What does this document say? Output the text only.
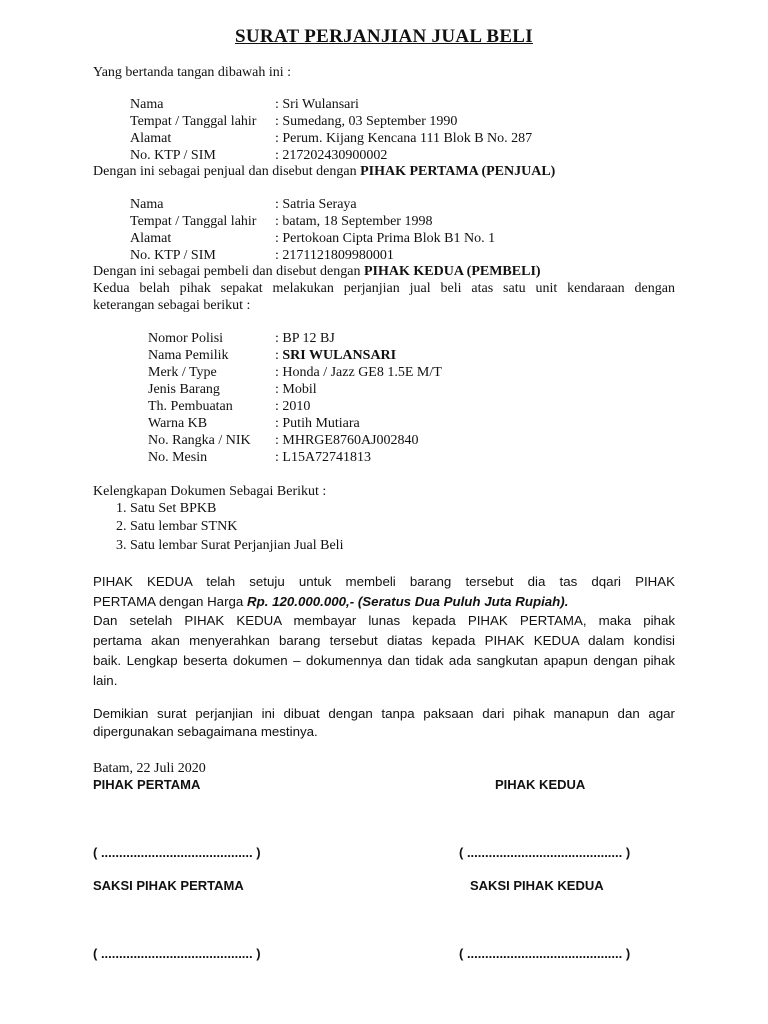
SURAT PERJANJIAN JUAL BELI
Yang bertanda tangan dibawah ini :
Nama	: Sri Wulansari
Tempat / Tanggal lahir : Sumedang, 03 September 1990
Alamat	: Perum. Kijang Kencana 111 Blok B No. 287
No. KTP / SIM	: 217202430900002
Dengan ini sebagai penjual dan disebut dengan PIHAK PERTAMA (PENJUAL)
Nama	: Satria Seraya
Tempat / Tanggal lahir : batam, 18 September 1998
Alamat	: Pertokoan Cipta Prima Blok B1 No. 1
No. KTP / SIM	: 2171121809980001
Dengan ini sebagai pembeli dan disebut dengan PIHAK KEDUA (PEMBELI)
Kedua belah pihak sepakat melakukan perjanjian jual beli atas satu unit kendaraan dengan
keterangan sebagai berikut :
Nomor Polisi	: BP 12 BJ
Nama Pemilik	: SRI WULANSARI
Merk / Type	: Honda / Jazz GE8 1.5E M/T
Jenis Barang	: Mobil
Th. Pembuatan	: 2010
Warna KB	: Putih Mutiara
No. Rangka / NIK : MHRGE8760AJ002840
No. Mesin	: L15A72741813
Kelengkapan Dokumen Sebagai Berikut :
1. Satu Set BPKB
2. Satu lembar STNK
3. Satu lembar Surat Perjanjian Jual Beli
PIHAK KEDUA telah setuju untuk membeli barang tersebut dia tas dqari PIHAK
PERTAMA dengan Harga Rp. 120.000.000,- (Seratus Dua Puluh Juta Rupiah).
Dan setelah PIHAK KEDUA membayar lunas kepada PIHAK PERTAMA, maka pihak
pertama akan menyerahkan barang tersebut diatas kepada PIHAK KEDUA dalam kondisi
baik. Lengkap beserta dokumen – dokumennya dan tidak ada sangkutan apapun dengan pihak
lain.
Demikian surat perjanjian ini dibuat dengan tanpa paksaan dari pihak manapun dan agar
dipergunakan sebagaimana mestinya.
Batam, 22 Juli 2020
PIHAK PERTAMA	PIHAK KEDUA
( .......................................... )	( ........................................... )
SAKSI PIHAK PERTAMA	SAKSI PIHAK KEDUA
( .......................................... )	( ........................................... )
